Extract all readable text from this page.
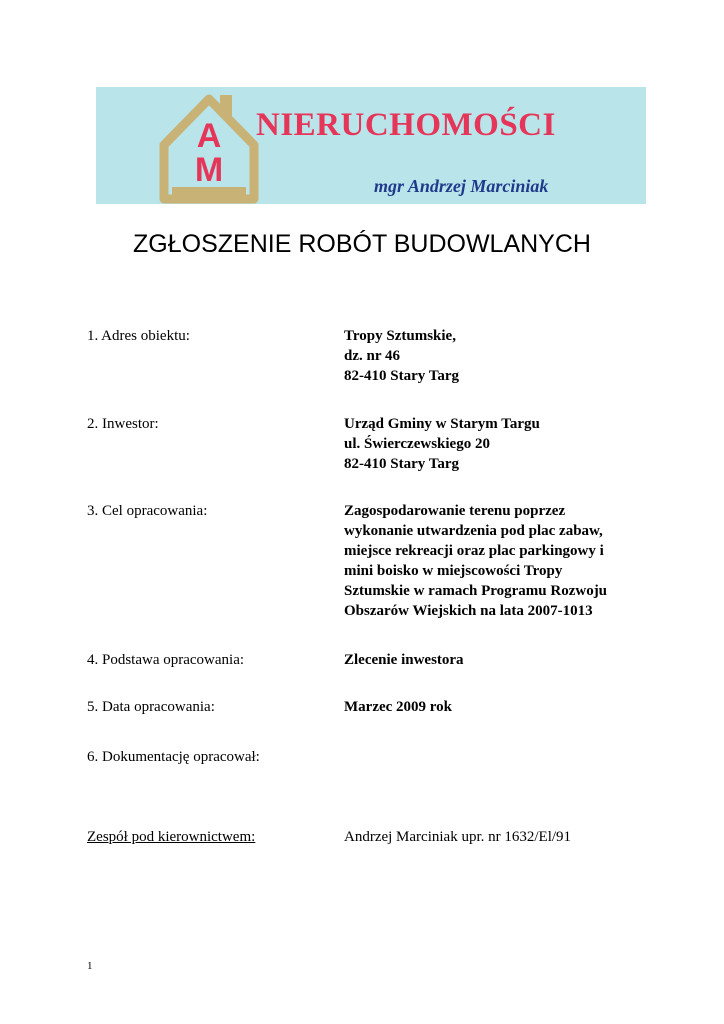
A
M
NIERUCHOMOŚCI
mgr Andrzej Marciniak
ZGŁOSZENIE ROBÓT BUDOWLANYCH
1. Adres obiektu:	Tropy Sztumskie,
dz. nr 46
82-410 Stary Targ
2. Inwestor:	Urząd Gminy w Starym Targu
ul. Świerczewskiego 20
82-410 Stary Targ
3. Cel opracowania:	Zagospodarowanie terenu poprzez
wykonanie utwardzenia pod plac zabaw,
miejsce rekreacji oraz plac parkingowy i
mini boisko w miejscowości Tropy
Sztumskie w ramach Programu Rozwoju
Obszarów Wiejskich na lata 2007-1013
4. Podstawa opracowania:	Zlecenie inwestora
5. Data opracowania:	Marzec 2009 rok
6. Dokumentację opracował:
Zespół pod kierownictwem:	Andrzej Marciniak upr. nr 1632/El/91
1
